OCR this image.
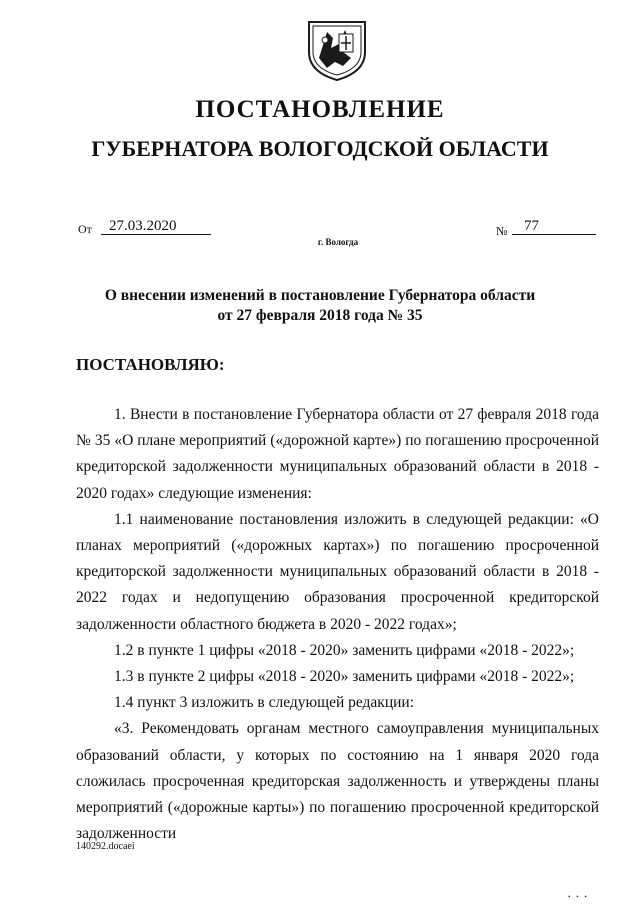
ПОСТАНОВЛЕНИЕ
ГУБЕРНАТОРА ВОЛОГОДСКОЙ ОБЛАСТИ
От	27.03.2020	№	77
г. Вологда
О внесении изменений в постановление Губернатора области
от 27 февраля 2018 года № 35
ПОСТАНОВЛЯЮ:

1. Внести в постановление Губернатора области от 27 февраля 2018 года № 35 «О плане мероприятий («дорожной карте») по погашению просроченной кредиторской задолженности муниципальных образований области в 2018 - 2020 годах» следующие изменения:

1.1 наименование постановления изложить в следующей редакции: «О планах мероприятий («дорожных картах») по погашению просроченной кредиторской задолженности муниципальных образований области в 2018 - 2022 годах и недопущению образования просроченной кредиторской задолженности областного бюджета в 2020 - 2022 годах»;

1.2 в пункте 1 цифры «2018 - 2020» заменить цифрами «2018 - 2022»;

1.3 в пункте 2 цифры «2018 - 2020» заменить цифрами «2018 - 2022»;

1.4 пункт 3 изложить в следующей редакции:

«3. Рекомендовать органам местного самоуправления муниципальных образований области, у которых по состоянию на 1 января 2020 года сложилась просроченная кредиторская задолженность и утверждены планы мероприятий («дорожные карты») по погашению просроченной кредиторской задолженности

140292.docaei
• • •
